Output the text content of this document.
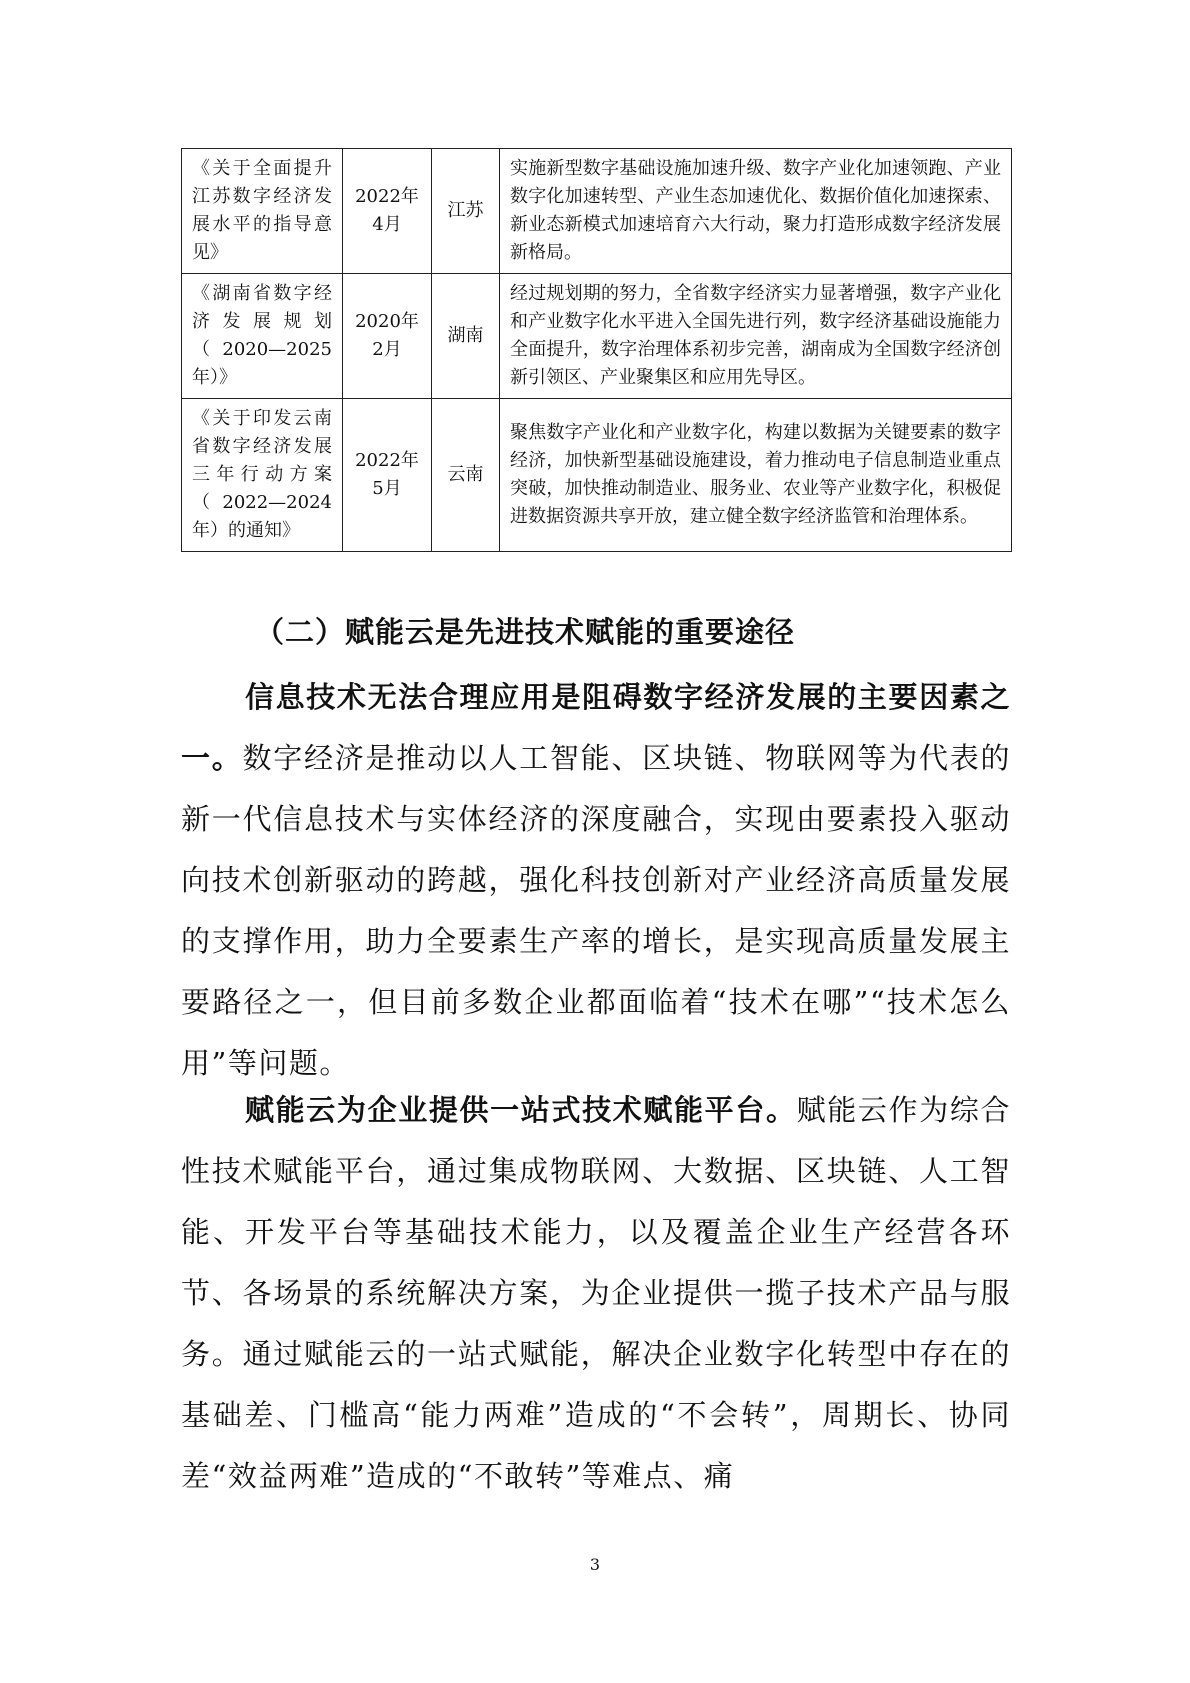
《关于全面提升江苏数字经济发展水平的指导意见》	2022年4月	江苏	实施新型数字基础设施加速升级、数字产业化加速领跑、产业数字化加速转型、产业生态加速优化、数据价值化加速探索、新业态新模式加速培育六大行动，聚力打造形成数字经济发展新格局。
《湖南省数字经济发展规划（2020—2025年）》	2020年2月	湖南	经过规划期的努力，全省数字经济实力显著增强，数字产业化和产业数字化水平进入全国先进行列，数字经济基础设施能力全面提升，数字治理体系初步完善，湖南成为全国数字经济创新引领区、产业聚集区和应用先导区。
《关于印发云南省数字经济发展三年行动方案（2022—2024年）的通知》	2022年5月	云南	聚焦数字产业化和产业数字化，构建以数据为关键要素的数字经济，加快新型基础设施建设，着力推动电子信息制造业重点突破，加快推动制造业、服务业、农业等产业数字化，积极促进数据资源共享开放，建立健全数字经济监管和治理体系。
（二）赋能云是先进技术赋能的重要途径

信息技术无法合理应用是阻碍数字经济发展的主要因素之一。数字经济是推动以人工智能、区块链、物联网等为代表的新一代信息技术与实体经济的深度融合，实现由要素投入驱动向技术创新驱动的跨越，强化科技创新对产业经济高质量发展的支撑作用，助力全要素生产率的增长，是实现高质量发展主要路径之一，但目前多数企业都面临着“技术在哪”“技术怎么用”等问题。

赋能云为企业提供一站式技术赋能平台。赋能云作为综合性技术赋能平台，通过集成物联网、大数据、区块链、人工智能、开发平台等基础技术能力，以及覆盖企业生产经营各环节、各场景的系统解决方案，为企业提供一揽子技术产品与服务。通过赋能云的一站式赋能，解决企业数字化转型中存在的基础差、门槛高“能力两难”造成的“不会转”，周期长、协同差“效益两难”造成的“不敢转”等难点、痛

3
